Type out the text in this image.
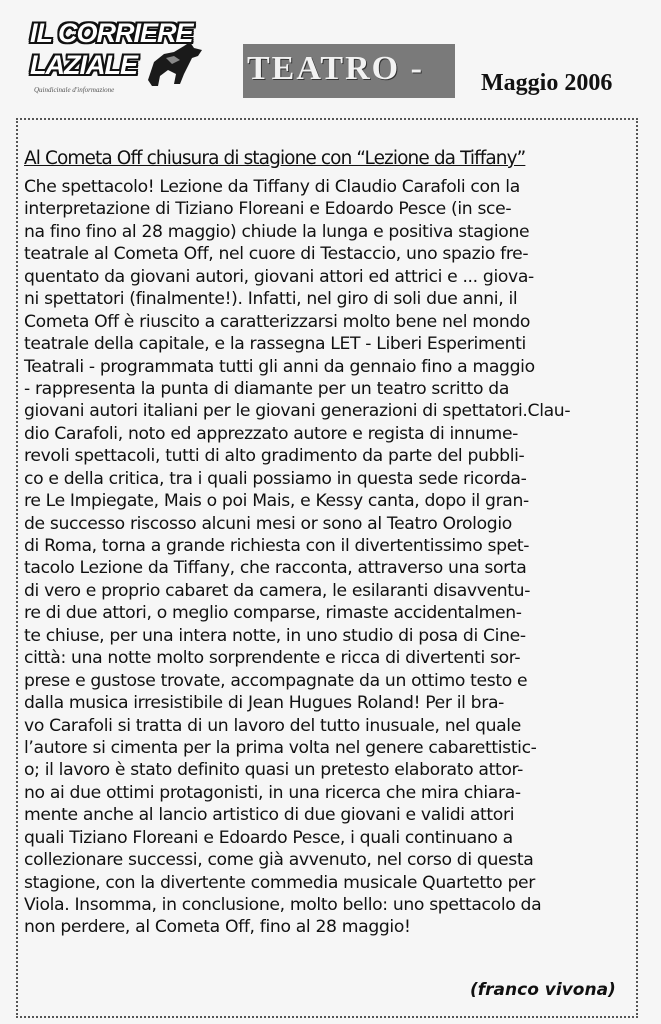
IL CORRIERE
LAZIALE
Quindicinale d'informazione
TEATRO - Maggio 2006
Al Cometa Off chiusura di stagione con “Lezione da Tiffany”
Che spettacolo! Lezione da Tiffany di Claudio Carafoli con la
interpretazione di Tiziano Floreani e Edoardo Pesce (in sce-
na fino fino al 28 maggio) chiude la lunga e positiva stagione
teatrale al Cometa Off, nel cuore di Testaccio, uno spazio fre-
quentato da giovani autori, giovani attori ed attrici e ... giova-
ni spettatori (finalmente!). Infatti, nel giro di soli due anni, il
Cometa Off è riuscito a caratterizzarsi molto bene nel mondo
teatrale della capitale, e la rassegna LET - Liberi Esperimenti
Teatrali - programmata tutti gli anni da gennaio fino a maggio
- rappresenta la punta di diamante per un teatro scritto da
giovani autori italiani per le giovani generazioni di spettatori.Clau-
dio Carafoli, noto ed apprezzato autore e regista di innume-
revoli spettacoli, tutti di alto gradimento da parte del pubbli-
co e della critica, tra i quali possiamo in questa sede ricorda-
re Le Impiegate, Mais o poi Mais, e Kessy canta, dopo il gran-
de successo riscosso alcuni mesi or sono al Teatro Orologio
di Roma, torna a grande richiesta con il divertentissimo spet-
tacolo Lezione da Tiffany, che racconta, attraverso una sorta
di vero e proprio cabaret da camera, le esilaranti disavventu-
re di due attori, o meglio comparse, rimaste accidentalmen-
te chiuse, per una intera notte, in uno studio di posa di Cine-
città: una notte molto sorprendente e ricca di divertenti sor-
prese e gustose trovate, accompagnate da un ottimo testo e
dalla musica irresistibile di Jean Hugues Roland! Per il bra-
vo Carafoli si tratta di un lavoro del tutto inusuale, nel quale
l’autore si cimenta per la prima volta nel genere cabarettistic-
o; il lavoro è stato definito quasi un pretesto elaborato attor-
no ai due ottimi protagonisti, in una ricerca che mira chiara-
mente anche al lancio artistico di due giovani e validi attori
quali Tiziano Floreani e Edoardo Pesce, i quali continuano a
collezionare successi, come già avvenuto, nel corso di questa
stagione, con la divertente commedia musicale Quartetto per
Viola. Insomma, in conclusione, molto bello: uno spettacolo da
non perdere, al Cometa Off, fino al 28 maggio!
(franco vivona)
